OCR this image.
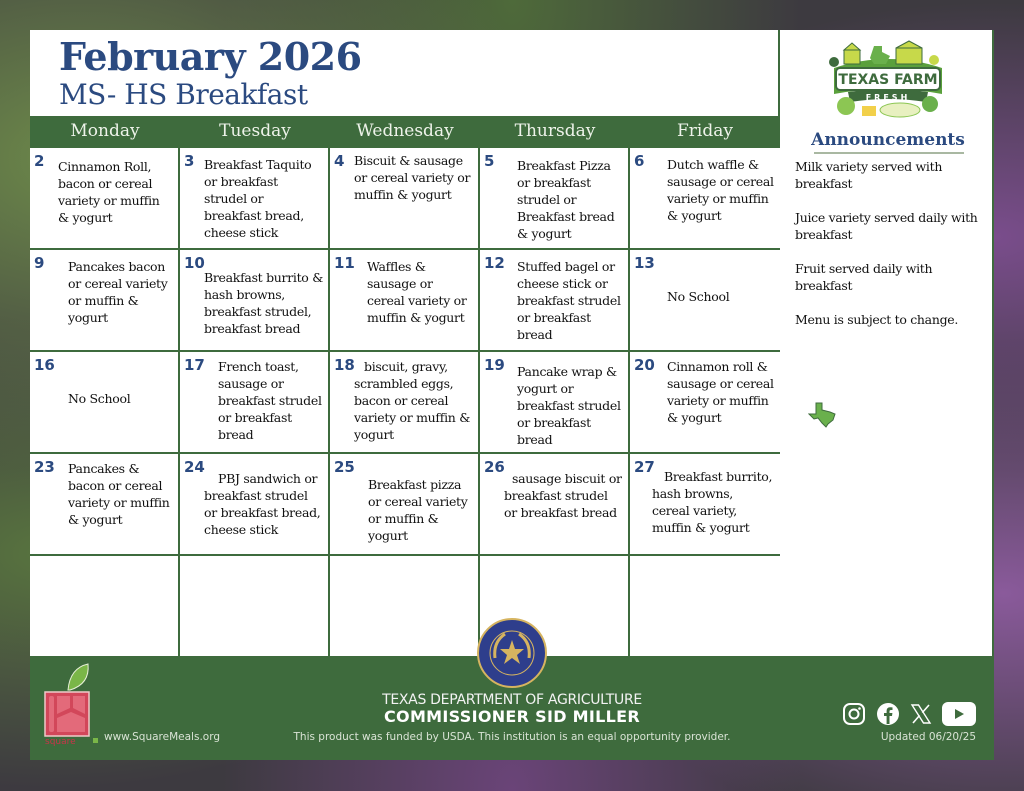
February 2026
MS- HS Breakfast
Monday	Tuesday	Wednesday	Thursday	Friday
2 Cinnamon Roll, bacon or cereal variety or muffin & yogurt
3 Breakfast Taquito or breakfast strudel or breakfast bread, cheese stick
4 Biscuit & sausage or cereal variety or muffin & yogurt
5 Breakfast Pizza or breakfast strudel or Breakfast bread & yogurt
6 Dutch waffle & sausage or cereal variety or muffin & yogurt
9 Pancakes bacon or cereal variety or muffin & yogurt
10
Breakfast burrito & hash browns, breakfast strudel, breakfast bread
11 Waffles & sausage or cereal variety or muffin & yogurt
12 Stuffed bagel or cheese stick or breakfast strudel or breakfast bread
13
No School
16
No School
17 French toast, sausage or breakfast strudel or breakfast bread
18 biscuit, gravy, scrambled eggs, bacon or cereal variety or muffin & yogurt
19 Pancake wrap & yogurt or breakfast strudel or breakfast bread
20 Cinnamon roll & sausage or cereal variety or muffin & yogurt
23 Pancakes & bacon or cereal variety or muffin & yogurt
24
PBJ sandwich or breakfast strudel or breakfast bread, cheese stick
25
Breakfast pizza or cereal variety or muffin & yogurt
26
sausage biscuit or breakfast strudel or breakfast bread
27
Breakfast burrito, hash browns, cereal variety, muffin & yogurt
TEXAS FARM
FRESH
Announcements

Milk variety served with breakfast

Juice variety served daily with breakfast

Fruit served daily with breakfast

Menu is subject to change.

square	www.SquareMeals.org
TEXAS DEPARTMENT OF AGRICULTURE
COMMISSIONER SID MILLER
This product was funded by USDA. This institution is an equal opportunity provider.	Updated 06/20/25
